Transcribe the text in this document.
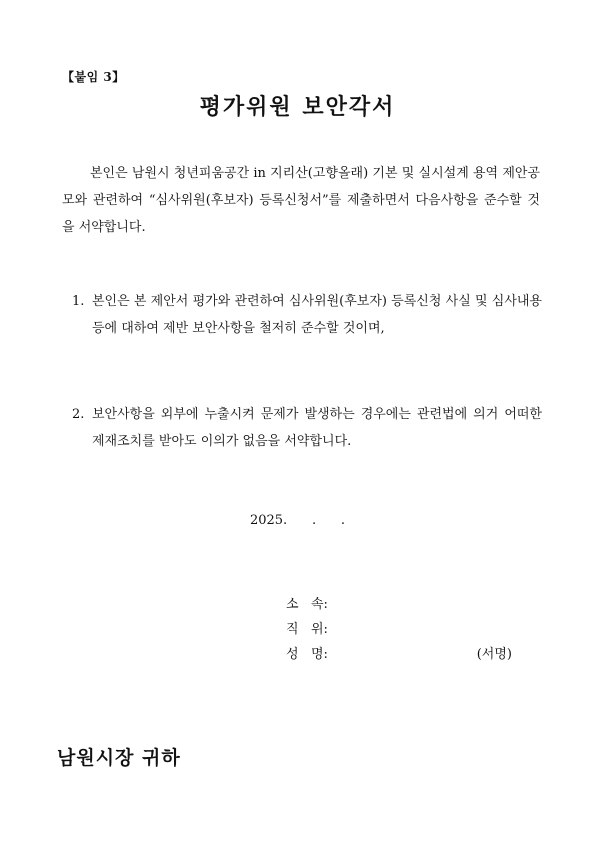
【붙임 3】
평가위원 보안각서
본인은 남원시 청년피움공간 in 지리산(고향올래) 기본 및 실시설계 용역 제안공모와 관련하여 “심사위원(후보자) 등록신청서”를 제출하면서 다음사항을 준수할 것을 서약합니다.
1. 본인은 본 제안서 평가와 관련하여 심사위원(후보자) 등록신청 사실 및 심사내용 등에 대하여 제반 보안사항을 철저히 준수할 것이며,
2. 보안사항을 외부에 누출시켜 문제가 발생하는 경우에는 관련법에 의거 어떠한 제재조치를 받아도 이의가 없음을 서약합니다.
2025.      .      .
소   속:
직   위:
성   명:	(서명)
남원시장 귀하
